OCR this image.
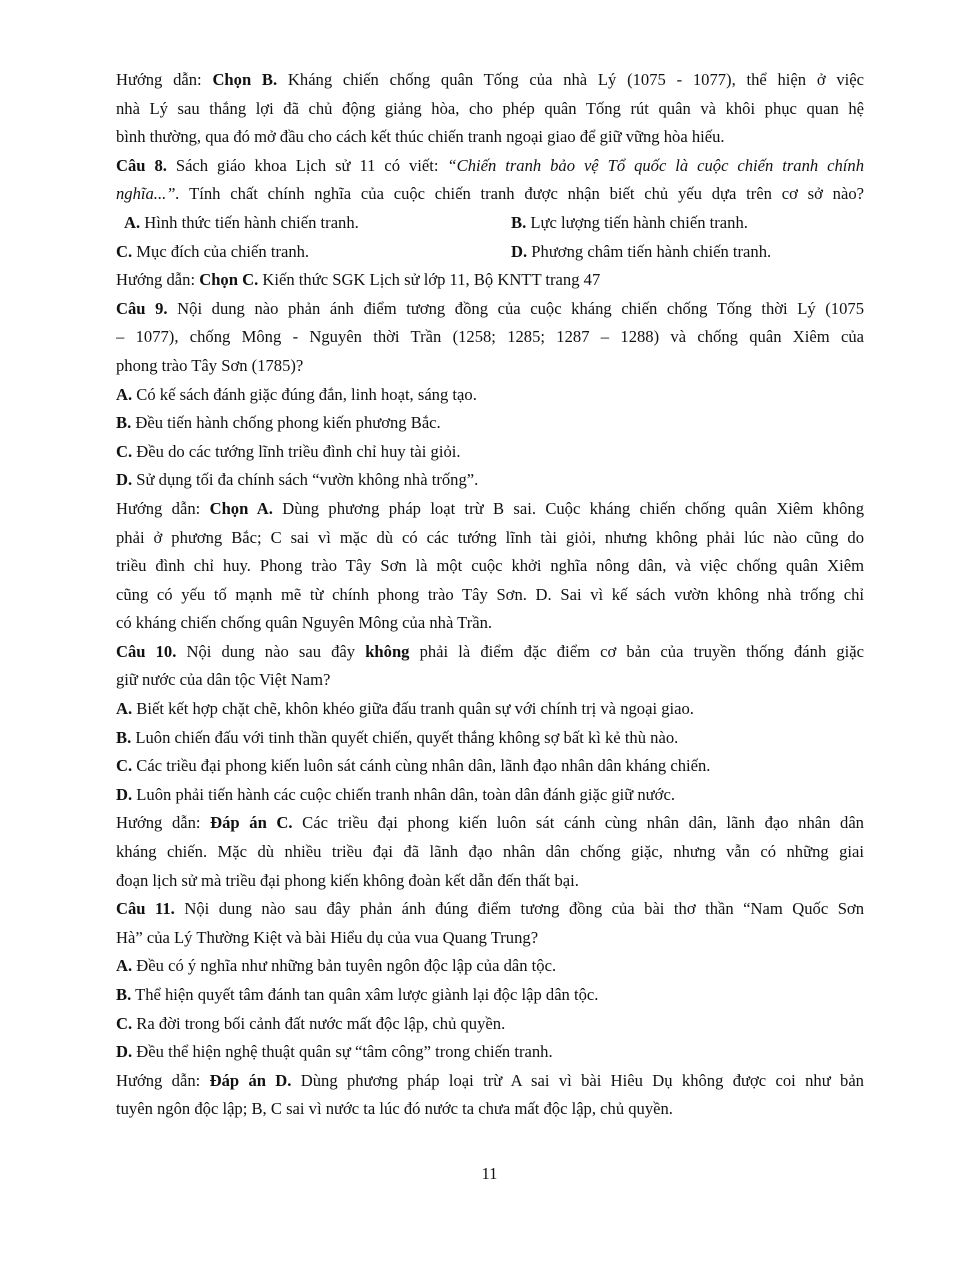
Hướng dẫn: Chọn B. Kháng chiến chống quân Tống của nhà Lý (1075 - 1077), thể hiện ở việc
nhà Lý sau thắng lợi đã chủ động giảng hòa, cho phép quân Tống rút quân và khôi phục quan hệ
bình thường, qua đó mở đầu cho cách kết thúc chiến tranh ngoại giao để giữ vững hòa hiếu.
Câu 8. Sách giáo khoa Lịch sử 11 có viết: “Chiến tranh bảo vệ Tổ quốc là cuộc chiến tranh chính
nghĩa...”. Tính chất chính nghĩa của cuộc chiến tranh được nhận biết chủ yếu dựa trên cơ sở nào?
A. Hình thức tiến hành chiến tranh.	B. Lực lượng tiến hành chiến tranh.
C. Mục đích của chiến tranh.	D. Phương châm tiến hành chiến tranh.
Hướng dẫn: Chọn C. Kiến thức SGK Lịch sử lớp 11, Bộ KNTT trang 47
Câu 9. Nội dung nào phản ánh điểm tương đồng của cuộc kháng chiến chống Tống thời Lý (1075
– 1077), chống Mông - Nguyên thời Trần (1258; 1285; 1287 – 1288) và chống quân Xiêm của
phong trào Tây Sơn (1785)?
A. Có kế sách đánh giặc đúng đắn, linh hoạt, sáng tạo.
B. Đều tiến hành chống phong kiến phương Bắc.
C. Đều do các tướng lĩnh triều đình chỉ huy tài giỏi.
D. Sử dụng tối đa chính sách “vườn không nhà trống”.
Hướng dẫn: Chọn A. Dùng phương pháp loạt trừ B sai. Cuộc kháng chiến chống quân Xiêm không
phải ở phương Bắc; C sai vì mặc dù có các tướng lĩnh tài giỏi, nhưng không phải lúc nào cũng do
triều đình chỉ huy. Phong trào Tây Sơn là một cuộc khởi nghĩa nông dân, và việc chống quân Xiêm
cũng có yếu tố mạnh mẽ từ chính phong trào Tây Sơn. D. Sai vì kế sách vườn không nhà trống chỉ
có kháng chiến chống quân Nguyên Mông của nhà Trần.
Câu 10. Nội dung nào sau đây không phải là điểm đặc điểm cơ bản của truyền thống đánh giặc
giữ nước của dân tộc Việt Nam?
A. Biết kết hợp chặt chẽ, khôn khéo giữa đấu tranh quân sự với chính trị và ngoại giao.
B. Luôn chiến đấu với tinh thần quyết chiến, quyết thắng không sợ bất kì kẻ thù nào.
C. Các triều đại phong kiến luôn sát cánh cùng nhân dân, lãnh đạo nhân dân kháng chiến.
D. Luôn phải tiến hành các cuộc chiến tranh nhân dân, toàn dân đánh giặc giữ nước.
Hướng dẫn: Đáp án C. Các triều đại phong kiến luôn sát cánh cùng nhân dân, lãnh đạo nhân dân
kháng chiến. Mặc dù nhiều triều đại đã lãnh đạo nhân dân chống giặc, nhưng vẫn có những giai
đoạn lịch sử mà triều đại phong kiến không đoàn kết dẫn đến thất bại.
Câu 11. Nội dung nào sau đây phản ánh đúng điểm tương đồng của bài thơ thần “Nam Quốc Sơn
Hà” của Lý Thường Kiệt và bài Hiểu dụ của vua Quang Trung?
A. Đều có ý nghĩa như những bản tuyên ngôn độc lập của dân tộc.
B. Thể hiện quyết tâm đánh tan quân xâm lược giành lại độc lập dân tộc.
C. Ra đời trong bối cảnh đất nước mất độc lập, chủ quyền.
D. Đều thể hiện nghệ thuật quân sự “tâm công” trong chiến tranh.
Hướng dẫn: Đáp án D. Dùng phương pháp loại trừ A sai vì bài Hiêu Dụ không được coi như bản
tuyên ngôn độc lập; B, C sai vì nước ta lúc đó nước ta chưa mất độc lập, chủ quyền.
11
